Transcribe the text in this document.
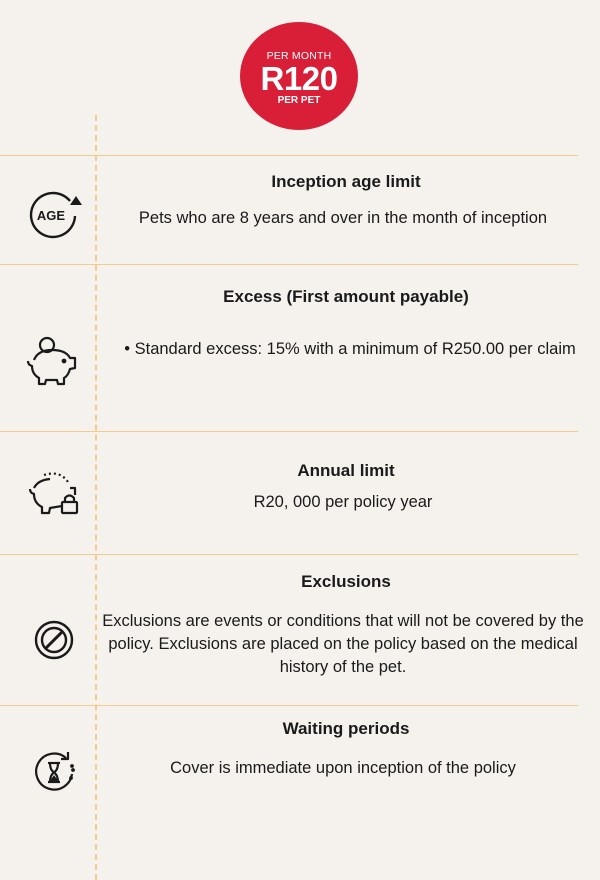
PER MONTH
R120
PER PET
Inception age limit
Pets who are 8 years and over in the month of inception
AGE
Excess (First amount payable)
• Standard excess: 15% with a minimum of R250.00 per claim
Annual limit
R20, 000 per policy year
Exclusions
Exclusions are events or conditions that will not be covered by the policy. Exclusions are placed on the policy based on the medical history of the pet.
Waiting periods
Cover is immediate upon inception of the policy
